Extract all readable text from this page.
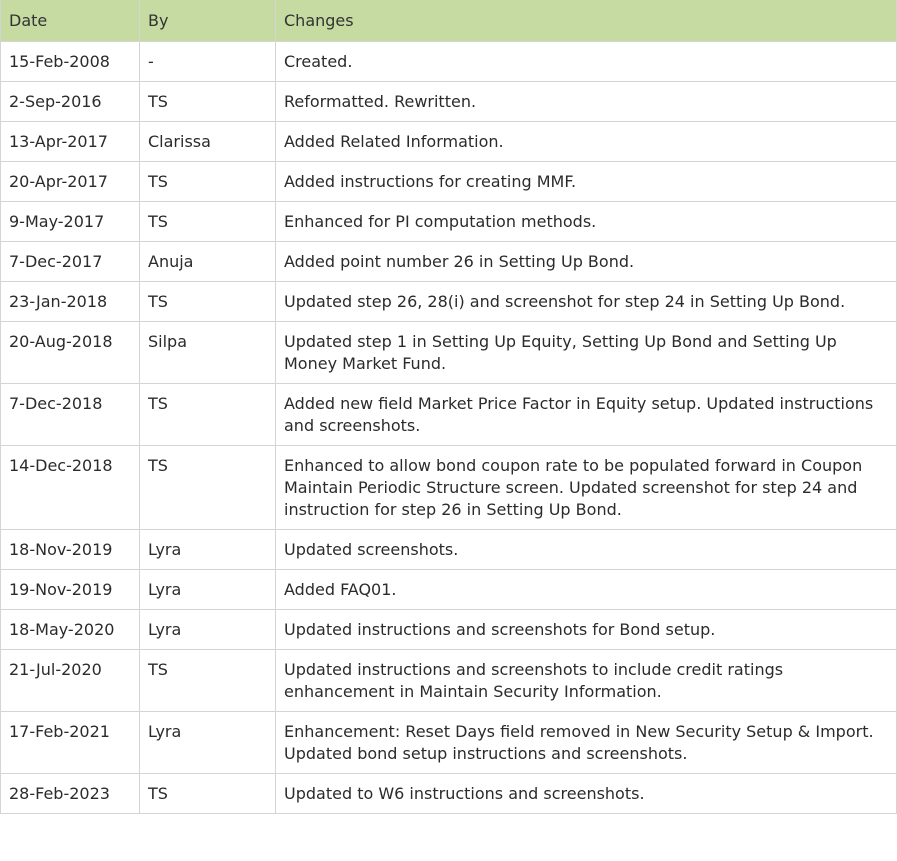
Date	By	Changes
15-Feb-2008	-	Created.

2-Sep-2016	TS	Reformatted. Rewritten.

13-Apr-2017	Clarissa	Added Related Information.

20-Apr-2017	TS	Added instructions for creating MMF.

9-May-2017	TS	Enhanced for PI computation methods.

7-Dec-2017	Anuja	Added point number 26 in Setting Up Bond.

23-Jan-2018	TS	Updated step 26, 28(i) and screenshot for step 24 in Setting Up Bond.

20-Aug-2018	Silpa	Updated step 1 in Setting Up Equity, Setting Up Bond and Setting Up Money Market Fund.

7-Dec-2018	TS	Added new field Market Price Factor in Equity setup. Updated instructions and screenshots.

14-Dec-2018	TS	Enhanced to allow bond coupon rate to be populated forward in Coupon Maintain Periodic Structure screen. Updated screenshot for step 24 and instruction for step 26 in Setting Up Bond.

18-Nov-2019	Lyra	Updated screenshots.

19-Nov-2019	Lyra	Added FAQ01.

18-May-2020	Lyra	Updated instructions and screenshots for Bond setup.

21-Jul-2020	TS	Updated instructions and screenshots to include credit ratings enhancement in Maintain Security Information.

17-Feb-2021	Lyra	Enhancement: Reset Days field removed in New Security Setup & Import.
Updated bond setup instructions and screenshots.

28-Feb-2023	TS	Updated to W6 instructions and screenshots.
